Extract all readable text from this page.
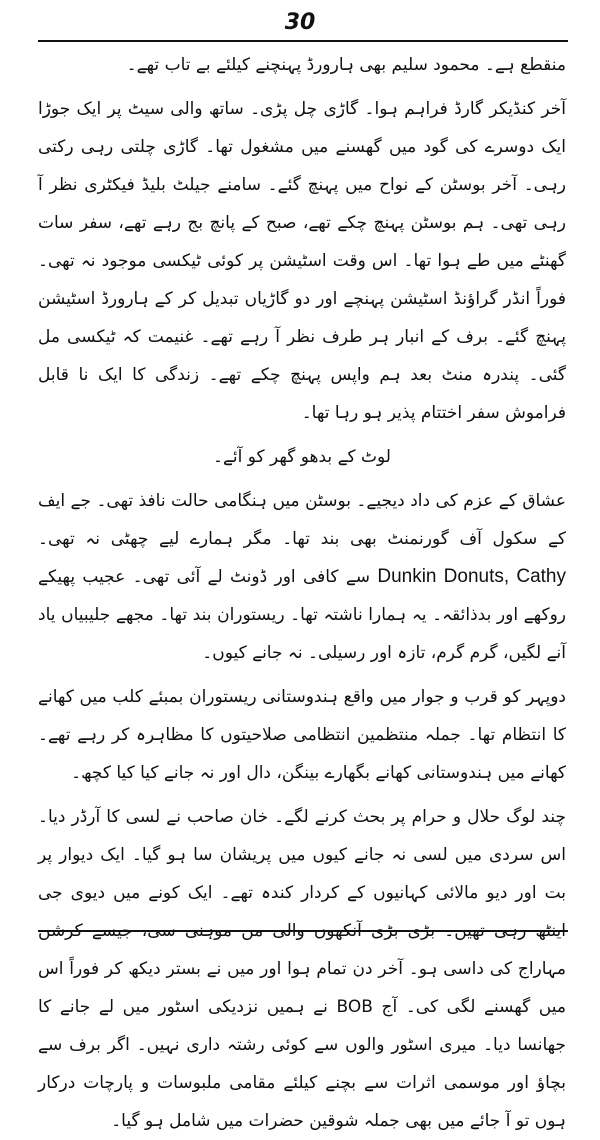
30

منقطع ہے۔ محمود سلیم بھی ہارورڈ پہنچنے کیلئے بے تاب تھے۔

آخر کنڈیکر گارڈ فراہم ہوا۔ گاڑی چل پڑی۔ ساتھ والی سیٹ پر ایک جوڑا ایک دوسرے کی گود میں گھسنے میں مشغول تھا۔ گاڑی چلتی رہی رکتی رہی۔ آخر بوسٹن کے نواح میں پہنچ گئے۔ سامنے جیلٹ بلیڈ فیکٹری نظر آ رہی تھی۔ ہم بوسٹن پہنچ چکے تھے، صبح کے پانچ بج رہے تھے، سفر سات گھنٹے میں طے ہوا تھا۔ اس وقت اسٹیشن پر کوئی ٹیکسی موجود نہ تھی۔ فوراً انڈر گراؤنڈ اسٹیشن پہنچے اور دو گاڑیاں تبدیل کر کے ہارورڈ اسٹیشن پہنچ گئے۔ برف کے انبار ہر طرف نظر آ رہے تھے۔ غنیمت کہ ٹیکسی مل گئی۔ پندرہ منٹ بعد ہم واپس پہنچ چکے تھے۔ زندگی کا ایک نا قابل فراموش سفر اختتام پذیر ہو رہا تھا۔

لوٹ کے بدھو گھر کو آئے۔

عشاق کے عزم کی داد دیجیے۔ بوسٹن میں ہنگامی حالت نافذ تھی۔ جے ایف کے سکول آف گورنمنٹ بھی بند تھا۔ مگر ہمارے لیے چھٹی نہ تھی۔ Dunkin Donuts, Cathy سے کافی اور ڈونٹ لے آئی تھی۔ عجیب پھیکے روکھے اور بدذائقہ۔ یہ ہمارا ناشتہ تھا۔ ریستوران بند تھا۔ مجھے جلیبیاں یاد آنے لگیں، گرم گرم، تازہ اور رسیلی۔ نہ جانے کیوں۔

دوپہر کو قرب و جوار میں واقع ہندوستانی ریستوران بمبئے کلب میں کھانے کا انتظام تھا۔ جملہ منتظمین انتظامی صلاحیتوں کا مظاہرہ کر رہے تھے۔ کھانے میں ہندوستانی کھانے بگھارے بینگن، دال اور نہ جانے کیا کیا کچھ۔

چند لوگ حلال و حرام پر بحث کرنے لگے۔ خان صاحب نے لسی کا آرڈر دیا۔ اس سردی میں لسی نہ جانے کیوں میں پریشان سا ہو گیا۔ ایک دیوار پر بت اور دیو مالائی کہانیوں کے کردار کندہ تھے۔ ایک کونے میں دیوی جی اینٹھ رہی تھیں۔ بڑی بڑی آنکھوں والی من موہنی سی، جیسے کرشن مہاراج کی داسی ہو۔ آخر دن تمام ہوا اور میں نے بستر دیکھ کر فوراً اس میں گھسنے لگی کی۔ آج BOB نے ہمیں نزدیکی اسٹور میں لے جانے کا جھانسا دیا۔ میری اسٹور والوں سے کوئی رشتہ داری نہیں۔ اگر برف سے بچاؤ اور موسمی اثرات سے بچنے کیلئے مقامی ملبوسات و پارچات درکار ہوں تو آ جائے میں بھی جملہ شوقین حضرات میں شامل ہو گیا۔
